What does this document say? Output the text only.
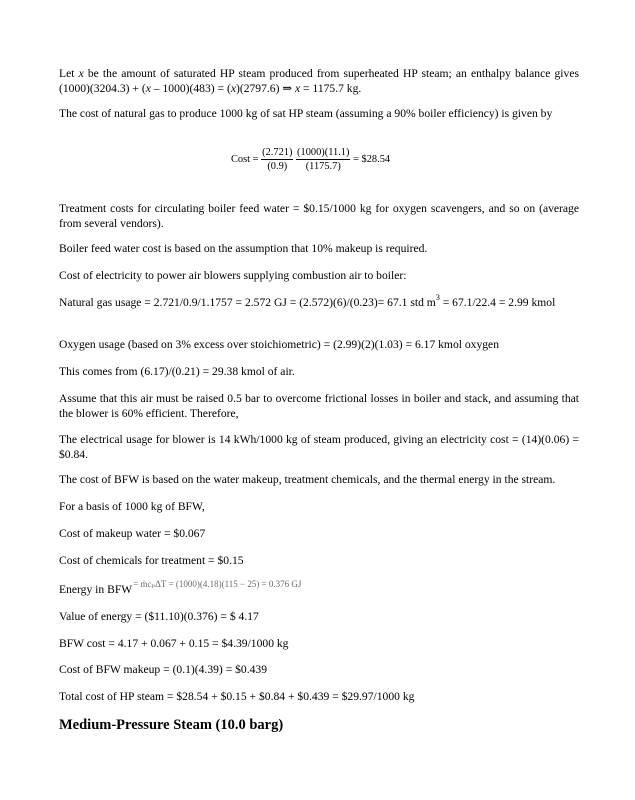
Let x be the amount of saturated HP steam produced from superheated HP steam; an enthalpy balance gives (1000)(3204.3) + (x – 1000)(483) = (x)(2797.6) ⇒ x = 1175.7 kg.

The cost of natural gas to produce 1000 kg of sat HP steam (assuming a 90% boiler efficiency) is given by

Cost = $\frac{(2.721)}{(0.9)}$
$\frac{(1000)(11.1)}{(1175.7)}$ = $28.54

Treatment costs for circulating boiler feed water = $0.15/1000 kg for oxygen scavengers, and so on (average from several vendors).

Boiler feed water cost is based on the assumption that 10% makeup is required.

Cost of electricity to power air blowers supplying combustion air to boiler:

Natural gas usage = 2.721/0.9/1.1757 = 2.572 GJ = (2.572)(6)/(0.23)= 67.1 std $m^3 = 67.1/22.4 = 2.99$ kmol

Oxygen usage (based on 3% excess over stoichiometric) = (2.99)(2)(1.03) = 6.17 kmol oxygen

This comes from (6.17)/(0.21) = 29.38 kmol of air.

Assume that this air must be raised 0.5 bar to overcome frictional losses in boiler and stack, and assuming that the blower is 60% efficient. Therefore,

The electrical usage for blower is 14 kWh/1000 kg of steam produced, giving an electricity cost = (14)(0.06) = $0.84.

The cost of BFW is based on the water makeup, treatment chemicals, and the thermal energy in the stream.

For a basis of 1000 kg of BFW,

Cost of makeup water = $0.067

Cost of chemicals for treatment = $0.15

Energy in $BFW^{= ṁc_p\Delta T = (1000)(4.18)(115 - 25) = 0.376 GJ}$

Value of energy = ($11.10)(0.376) = $ 4.17

BFW cost = 4.17 + 0.067 + 0.15 = $4.39/1000 kg

Cost of BFW makeup = (0.1)(4.39) = $0.439

Total cost of HP steam = $28.54 + $0.15 + $0.84 + $0.439 = $29.97/1000 kg

Medium-Pressure Steam (10.0 barg)
